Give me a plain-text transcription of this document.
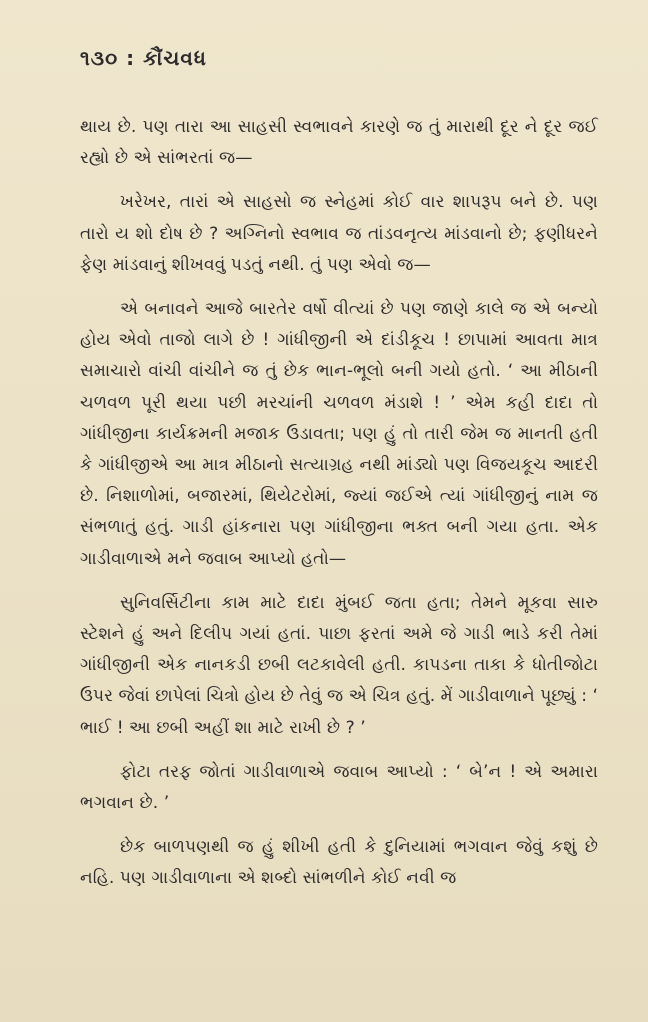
૧૩૦ : કૌંચવધ

થાય છે. પણ તારા આ સાહસી સ્વભાવને કારણે જ તું મારાથી દૂર ને દૂર જઈ રહ્યો છે એ સાંભરતાં જ—

ખરેખર, તારાં એ સાહસો જ સ્નેહમાં કોઈ વાર શાપરૂપ બને છે. પણ તારો ય શો દોષ છે ? અગ્નિનો સ્વભાવ જ તાંડવનૃત્ય માંડવાનો છે; ફણીધરને ફેણ માંડવાનું શીખવવું પડતું નથી. તું પણ એવો જ—

એ બનાવને આજે બારતેર વર્ષો વીત્યાં છે પણ જાણે કાલે જ એ બન્યો હોય એવો તાજો લાગે છે ! ગાંધીજીની એ દાંડીકૂચ ! છાપામાં આવતા માત્ર સમાચારો વાંચી વાંચીને જ તું છેક ભાન-ભૂલો બની ગયો હતો. ‘ આ મીઠાની ચળવળ પૂરી થયા પછી મરચાંની ચળવળ મંડાશે ! ’ એમ કહી દાદા તો ગાંધીજીના કાર્યક્રમની મજાક ઉડાવતા; પણ હું તો તારી જેમ જ માનતી હતી કે ગાંધીજીએ આ માત્ર મીઠાનો સત્યાગ્રહ નથી માંડ્યો પણ વિજયકૂચ આદરી છે. નિશાળોમાં, બજારમાં, થિયેટરોમાં, જ્યાં જઈએ ત્યાં ગાંધીજીનું નામ જ સંભળાતું હતું. ગાડી હાંકનારા પણ ગાંધીજીના ભક્ત બની ગયા હતા. એક ગાડીવાળાએ મને જવાબ આપ્યો હતો—

સુનિવર્સિટીના કામ માટે દાદા મુંબઈ જતા હતા; તેમને મૂકવા સારુ સ્ટેશને હું અને દિલીપ ગયાં હતાં. પાછા ફરતાં અમે જે ગાડી ભાડે કરી તેમાં ગાંધીજીની એક નાનકડી છબી લટકાવેલી હતી. કાપડના તાકા કે ધોતીજોટા ઉપર જેવાં છાપેલાં ચિત્રો હોય છે તેવું જ એ ચિત્ર હતું. મેં ગાડીવાળાને પૂછ્યું : ‘ ભાઈ ! આ છબી અહીં શા માટે રાખી છે ? ’

ફોટા તરફ જોતાં ગાડીવાળાએ જવાબ આપ્યો : ‘ બે’ન ! એ અમારા ભગવાન છે. ’

છેક બાળપણથી જ હું શીખી હતી કે દુનિયામાં ભગવાન જેવું કશું છે નહિ. પણ ગાડીવાળાના એ શબ્દો સાંભળીને કોઈ નવી જ
